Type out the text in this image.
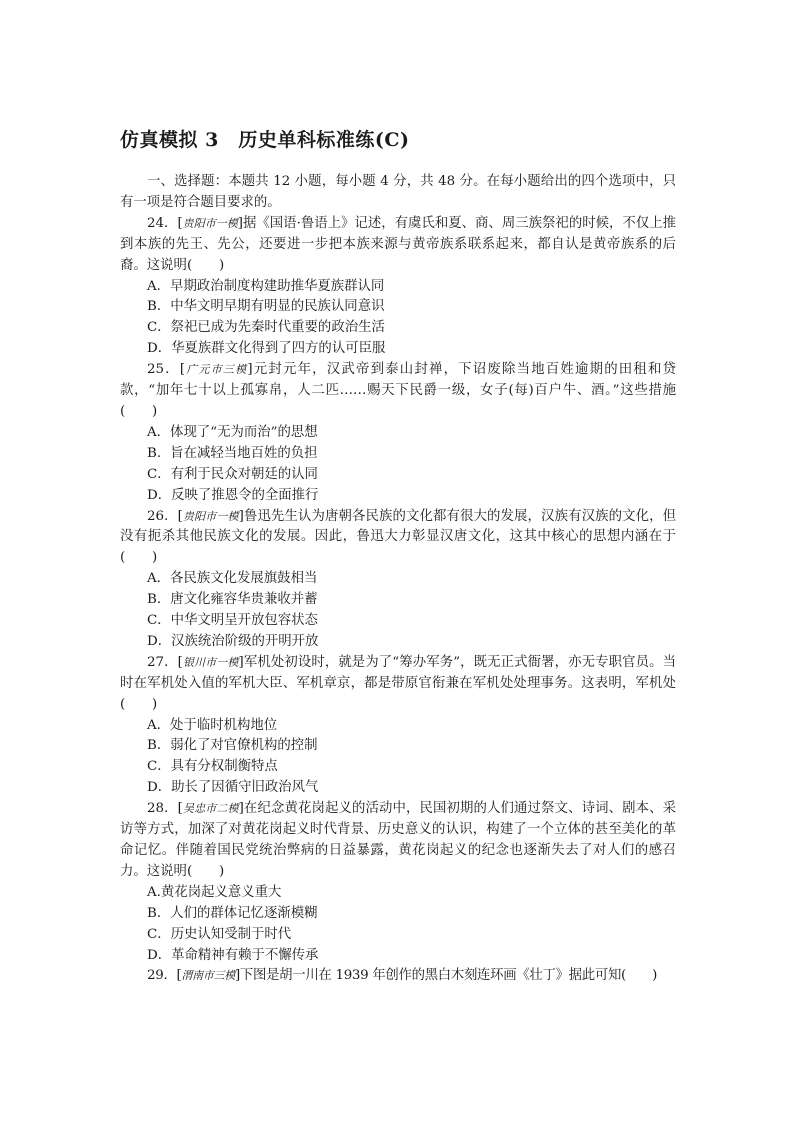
仿真模拟 3　历史单科标准练(C)

一、选择题：本题共 12 小题，每小题 4 分，共 48 分。在每小题给出的四个选项中，只有一项是符合题目要求的。

24．[贵阳市一模]据《国语·鲁语上》记述，有虞氏和夏、商、周三族祭祀的时候，不仅上推到本族的先王、先公，还要进一步把本族来源与黄帝族系联系起来，都自认是黄帝族系的后裔。这说明(　　)

A．早期政治制度构建助推华夏族群认同

B．中华文明早期有明显的民族认同意识

C．祭祀已成为先秦时代重要的政治生活

D．华夏族群文化得到了四方的认可臣服

25．[广元市三模]元封元年，汉武帝到泰山封禅，下诏废除当地百姓逾期的田租和贷款，“加年七十以上孤寡帛，人二匹……赐天下民爵一级，女子(每)百户牛、酒。”这些措施(　　)

A．体现了“无为而治”的思想

B．旨在减轻当地百姓的负担

C．有利于民众对朝廷的认同

D．反映了推恩令的全面推行

26．[贵阳市一模]鲁迅先生认为唐朝各民族的文化都有很大的发展，汉族有汉族的文化，但没有扼杀其他民族文化的发展。因此，鲁迅大力彰显汉唐文化，这其中核心的思想内涵在于(　　)

A．各民族文化发展旗鼓相当

B．唐文化雍容华贵兼收并蓄

C．中华文明呈开放包容状态

D．汉族统治阶级的开明开放

27．[银川市一模]军机处初设时，就是为了“筹办军务”，既无正式衙署，亦无专职官员。当时在军机处入值的军机大臣、军机章京，都是带原官衔兼在军机处处理事务。这表明，军机处(　　)

A．处于临时机构地位

B．弱化了对官僚机构的控制

C．具有分权制衡特点

D．助长了因循守旧政治风气

28．[吴忠市二模]在纪念黄花岗起义的活动中，民国初期的人们通过祭文、诗词、剧本、采访等方式，加深了对黄花岗起义时代背景、历史意义的认识，构建了一个立体的甚至美化的革命记忆。伴随着国民党统治弊病的日益暴露，黄花岗起义的纪念也逐渐失去了对人们的感召力。这说明(　　)

A.黄花岗起义意义重大

B．人们的群体记忆逐渐模糊

C．历史认知受制于时代

D．革命精神有赖于不懈传承

29．[渭南市三模]下图是胡一川在 1939 年创作的黑白木刻连环画《壮丁》据此可知(　　)
